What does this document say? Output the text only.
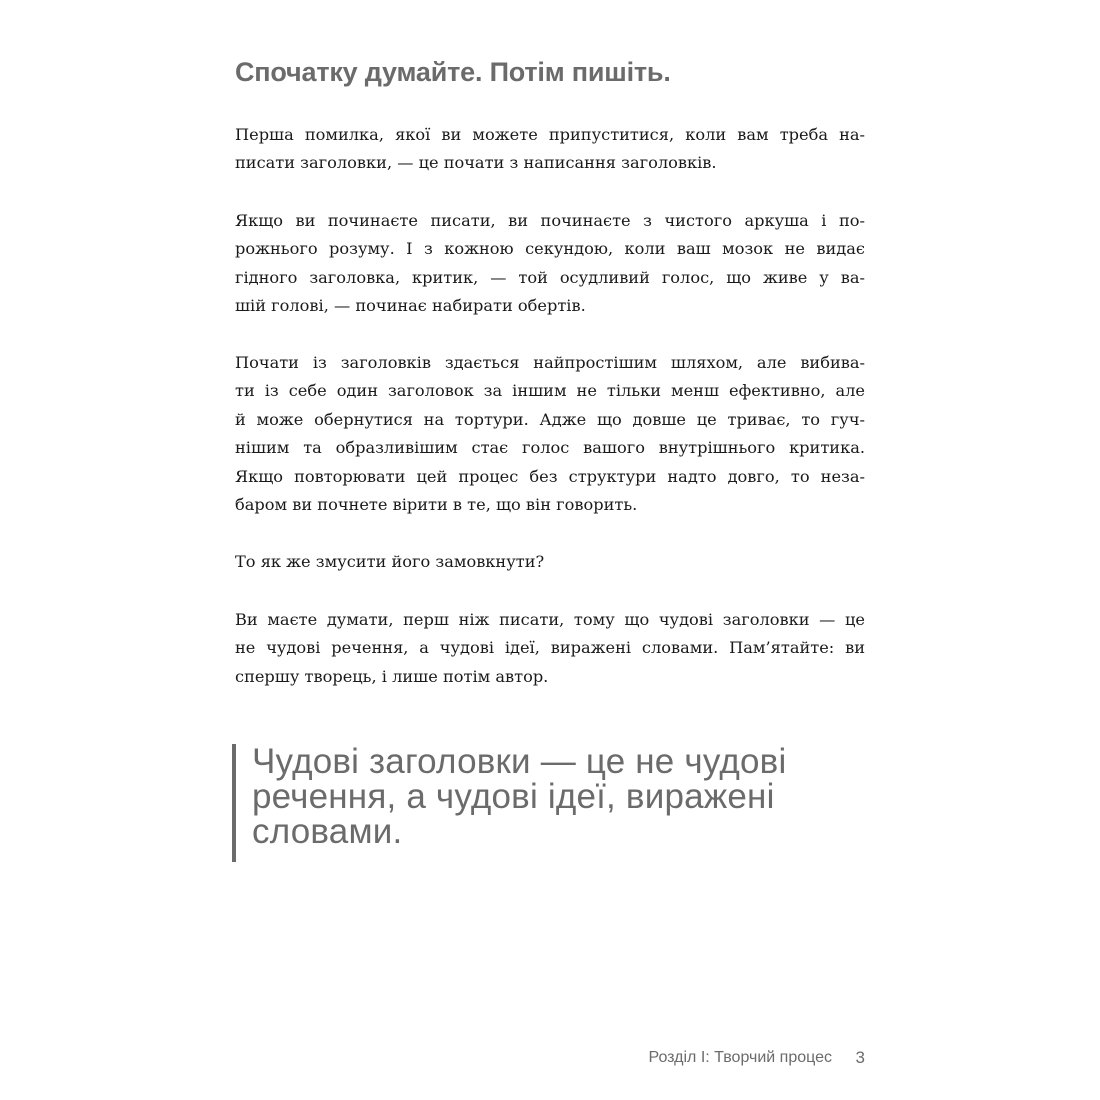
Спочатку думайте. Потім пишіть.
Перша помилка, якої ви можете припуститися, коли вам треба на-
писати заголовки, — це почати з написання заголовків.
Якщо ви починаєте писати, ви починаєте з чистого аркуша і по-
рожнього розуму. І з кожною секундою, коли ваш мозок не видає
гідного заголовка, критик, — той осудливий голос, що живе у ва-
шій голові, — починає набирати обертів.
Почати із заголовків здається найпростішим шляхом, але вибива-
ти із себе один заголовок за іншим не тільки менш ефективно, але
й може обернутися на тортури. Адже що довше це триває, то гуч-
нішим та образливішим стає голос вашого внутрішнього критика.
Якщо повторювати цей процес без структури надто довго, то неза-
баром ви почнете вірити в те, що він говорить.
То як же змусити його замовкнути?
Ви маєте думати, перш ніж писати, тому що чудові заголовки — це
не чудові речення, а чудові ідеї, виражені словами. Пам’ятайте: ви
спершу творець, і лише потім автор.
Чудові заголовки — це не чудові
речення, а чудові ідеї, виражені
словами.
Розділ I: Творчий процес 3
